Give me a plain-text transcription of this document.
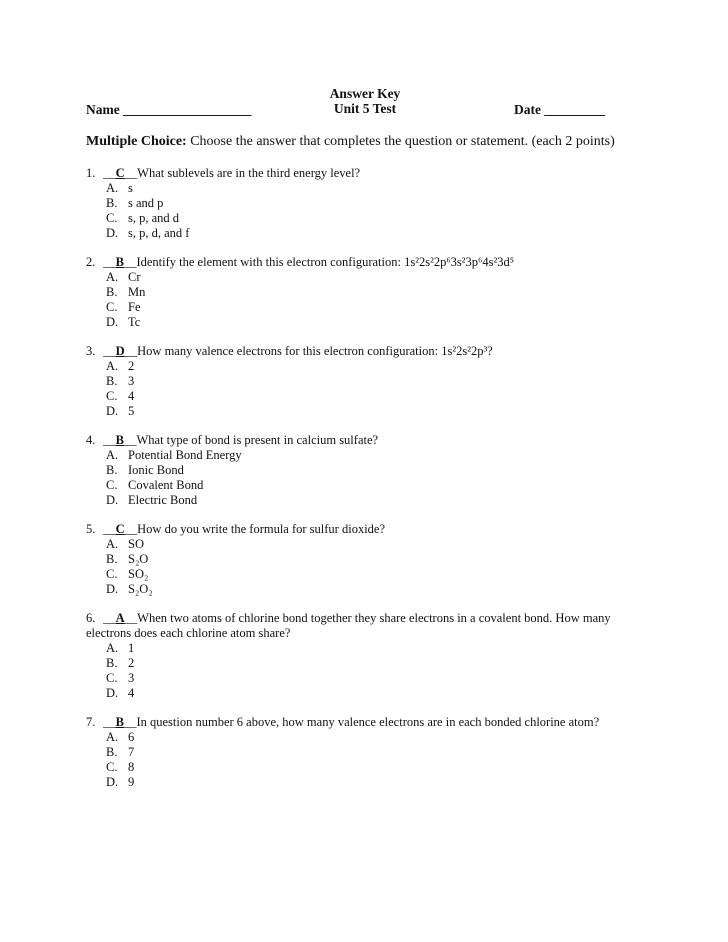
Answer Key
Unit 5 Test
Name ___________________	Date _________
Multiple Choice: Choose the answer that completes the question or statement. (each 2 points)
1. __C__What sublevels are in the third energy level?
A. s
B. s and p
C. s, p, and d
D. s, p, d, and f
2. __B__Identify the element with this electron configuration: 1s²2s²2p⁶3s²3p⁶4s²3d⁵
A. Cr
B. Mn
C. Fe
D. Tc
3. __D__How many valence electrons for this electron configuration: 1s²2s²2p³?
A. 2
B. 3
C. 4
D. 5
4. __B__What type of bond is present in calcium sulfate?
A. Potential Bond Energy
B. Ionic Bond
C. Covalent Bond
D. Electric Bond
5. __C__How do you write the formula for sulfur dioxide?
A. SO
B. S₂O
C. SO₂
D. S₂O₂
6. __A__When two atoms of chlorine bond together they share electrons in a covalent bond. How many electrons does each chlorine atom share?
A. 1
B. 2
C. 3
D. 4
7. __B__In question number 6 above, how many valence electrons are in each bonded chlorine atom?
A. 6
B. 7
C. 8
D. 9
